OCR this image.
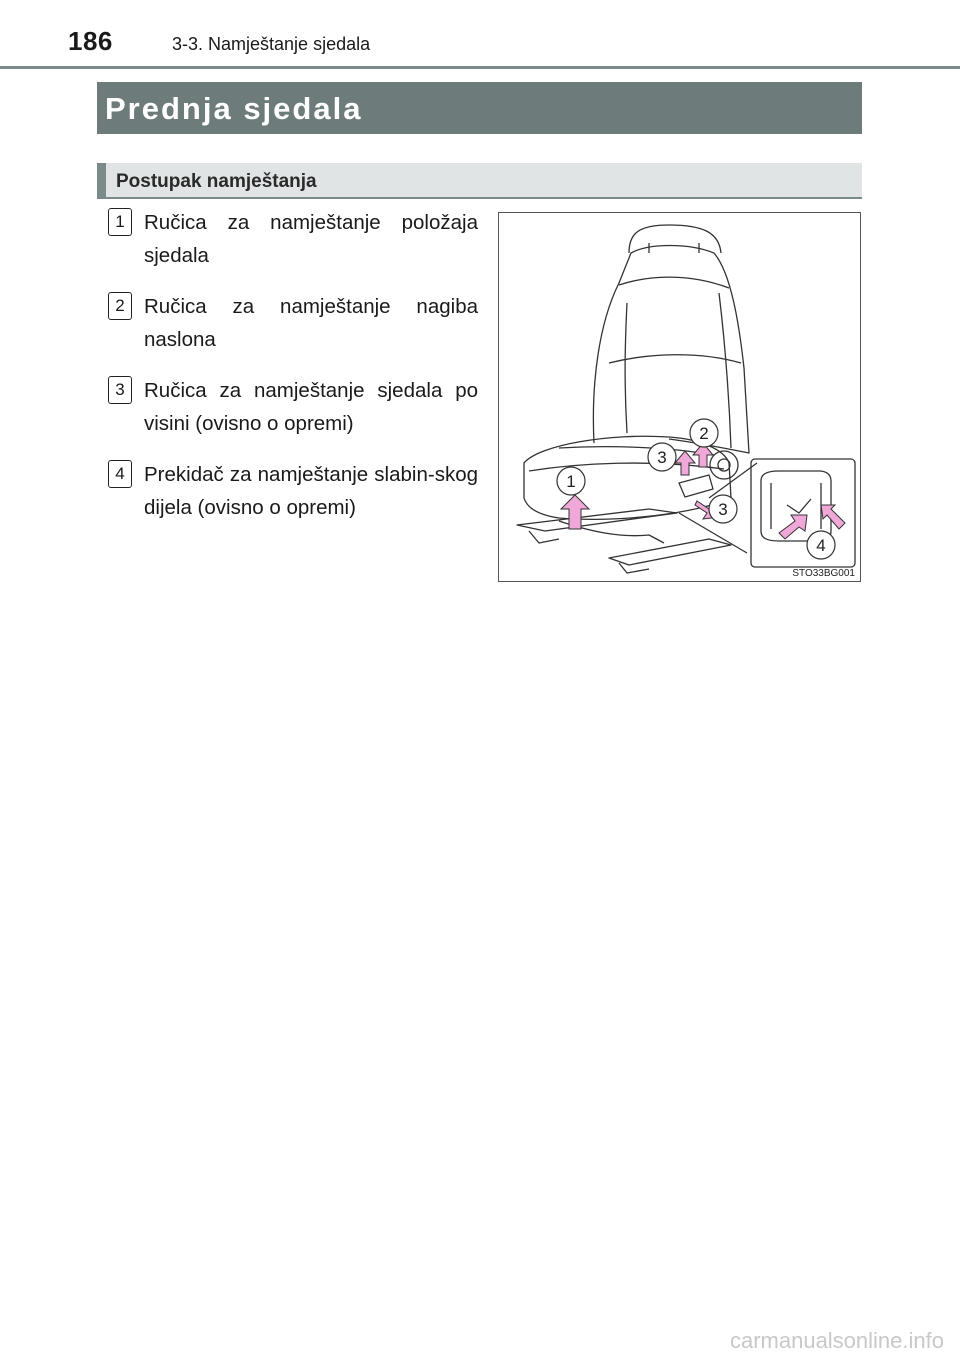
186	3-3. Namještanje sjedala
Prednja sjedala
Postupak namještanja
1 Ručica za namještanje položaja sjedala
2 Ručica za namještanje nagiba naslona
3 Ručica za namještanje sjedala po visini (ovisno o opremi)
4 Prekidač za namještanje slabin-skog dijela (ovisno o opremi)
1
2
3
3
4
STO33BG001
carmanualsonline.info
